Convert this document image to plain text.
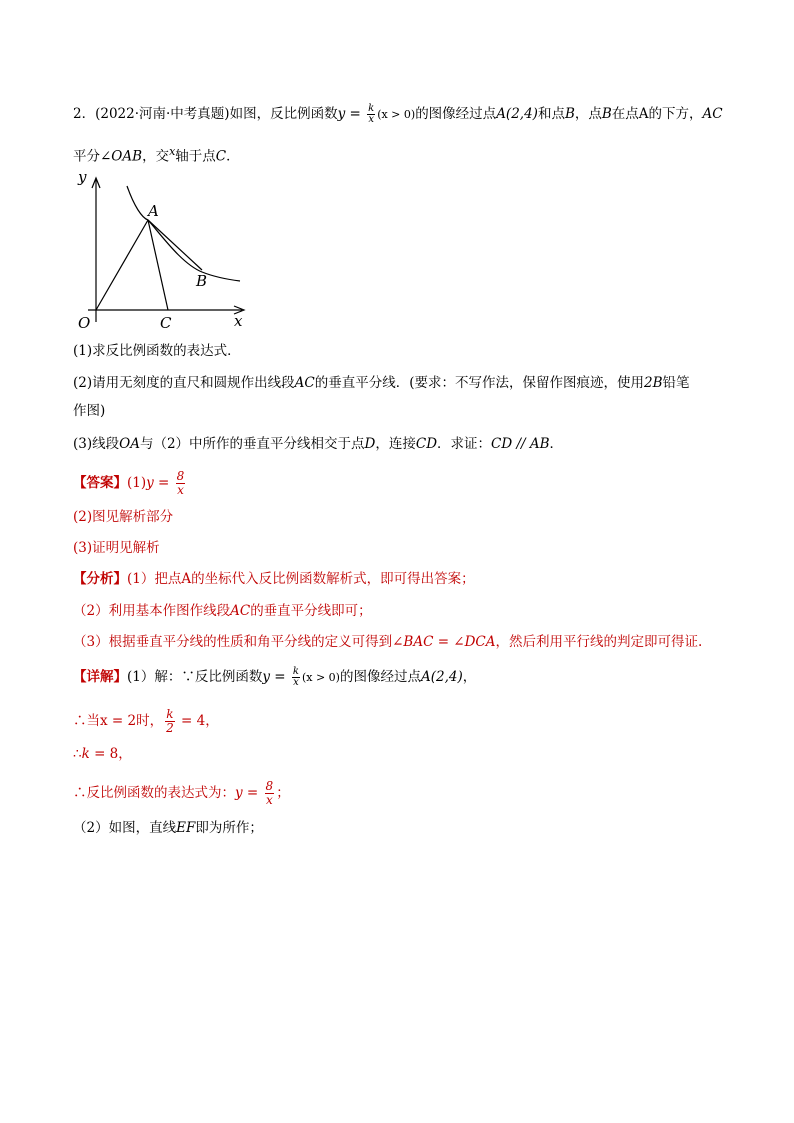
2．(2022·河南·中考真题)如图，反比例函数$y = \frac{k}{x} (x > 0)$的图像经过点A(2,4)和点B，点B在点A的下方，AC
平分∠OAB，交$^x$轴于点C．
y
A
B
O	C	x
(1)求反比例函数的表达式．
(2)请用无刻度的直尺和圆规作出线段AC的垂直平分线．(要求：不写作法，保留作图痕迹，使用2B铅笔
作图)
(3)线段OA与（2）中所作的垂直平分线相交于点D，连接CD．求证：CD // AB．
【答案】$(1)y = \frac{8}{x}$
(2)图见解析部分
(3)证明见解析
【分析】(1）把点A的坐标代入反比例函数解析式，即可得出答案；
（2）利用基本作图作线段AC的垂直平分线即可；
（3）根据垂直平分线的性质和角平分线的定义可得到∠BAC = ∠DCA，然后利用平行线的判定即可得证.
【详解】(1）解：∵反比例函数$y = \frac{k}{x} (x > 0)$的图像经过点A(2,4)，
∴当x = 2时， $\frac{k}{2} = 4$，
∴k = 8，
∴反比例函数的表达式为：$y = \frac{8}{x}$ ；
（2）如图，直线EF即为所作；
